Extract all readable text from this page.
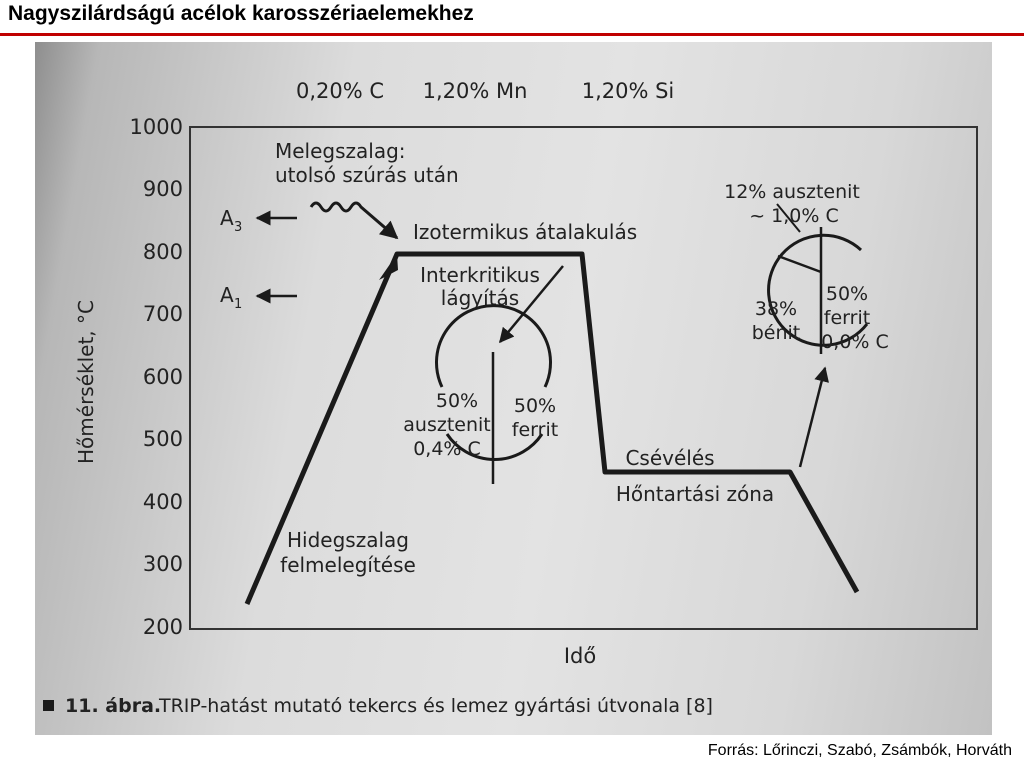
Nagyszilárdságú acélok karosszériaelemekhez
0,20% C 1,20% Mn	1,20% Si
1000
900
800
700
600
500
400
300
200
Hőmérséklet, °C
Idő
A 3
A 1
Melegszalag:
utolsó szúrás után
Izotermikus átalakulás
Interkritikus
lágyítás
Hidegszalag
felmelegítése
Csévélés
Hőntartási zóna
50%
ausztenit
0,4% C
50%
ferrit
12% ausztenit
~ 1,0% C
38%
bénit
50%
ferrit
0,0% C
11. ábra.
TRIP-hatást mutató tekercs és lemez gyártási útvonala [8]
Forrás: Lőrinczi, Szabó, Zsámbók, Horváth
